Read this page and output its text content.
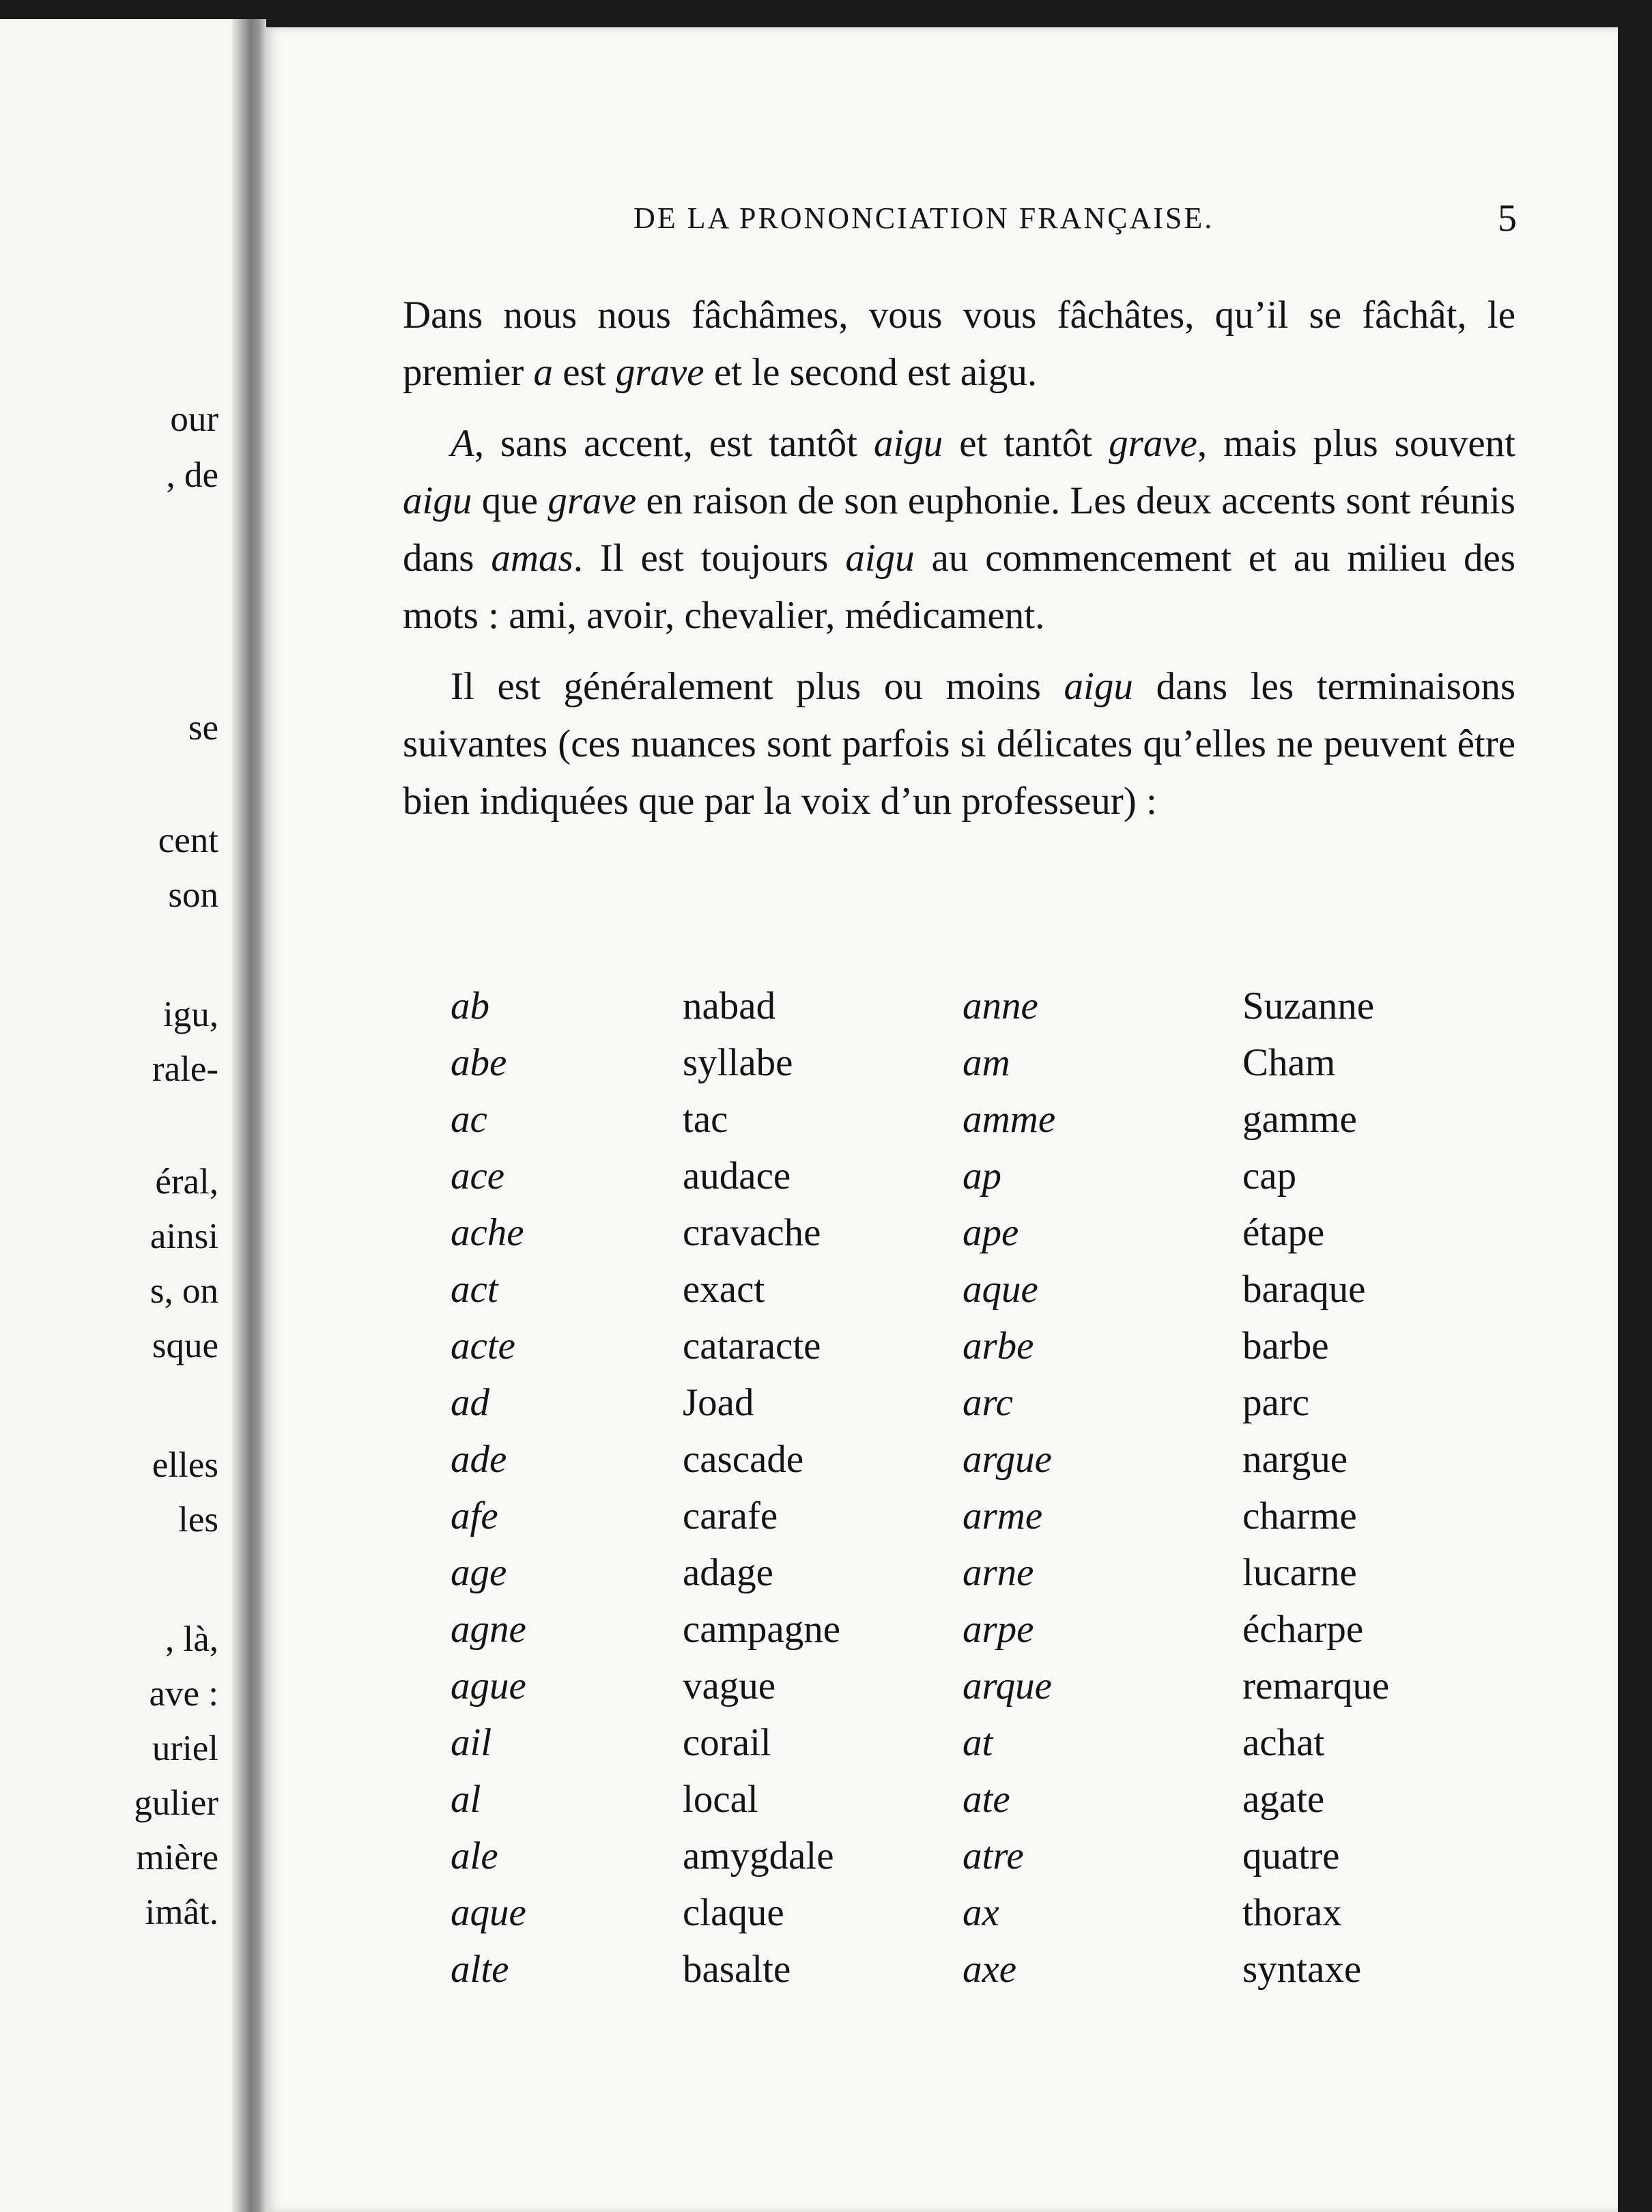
our
, de
se
cent
son
igu,
rale-
éral,
ainsi
s, on
sque
elles
les
, là,
ave :
uriel
gulier
mière
imât.
DE LA PRONONCIATION FRANÇAISE.	5

Dans nous nous fâchâmes, vous vous fâchâtes, qu’il se fâchât, le premier a est grave et le second est aigu.

A, sans accent, est tantôt aigu et tantôt grave, mais plus souvent aigu que grave en raison de son euphonie. Les deux accents sont réunis dans amas. Il est toujours aigu au commencement et au milieu des mots : ami, avoir, chevalier, médicament.

Il est généralement plus ou moins aigu dans les terminaisons suivantes (ces nuances sont parfois si délicates qu’elles ne peuvent être bien indiquées que par la voix d’un professeur) :

ab	nabad	anne	Suzanne
abe	syllabe	am	Cham
ac	tac	amme	gamme
ace	audace	ap	cap
ache	cravache	ape	étape
act	exact	aque	baraque
acte	cataracte	arbe	barbe
ad	Joad	arc	parc
ade	cascade	argue	nargue
afe	carafe	arme	charme
age	adage	arne	lucarne
agne	campagne	arpe	écharpe
ague	vague	arque	remarque
ail	corail	at	achat
al	local	ate	agate
ale	amygdale	atre	quatre
aque	claque	ax	thorax
alte	basalte	axe	syntaxe
